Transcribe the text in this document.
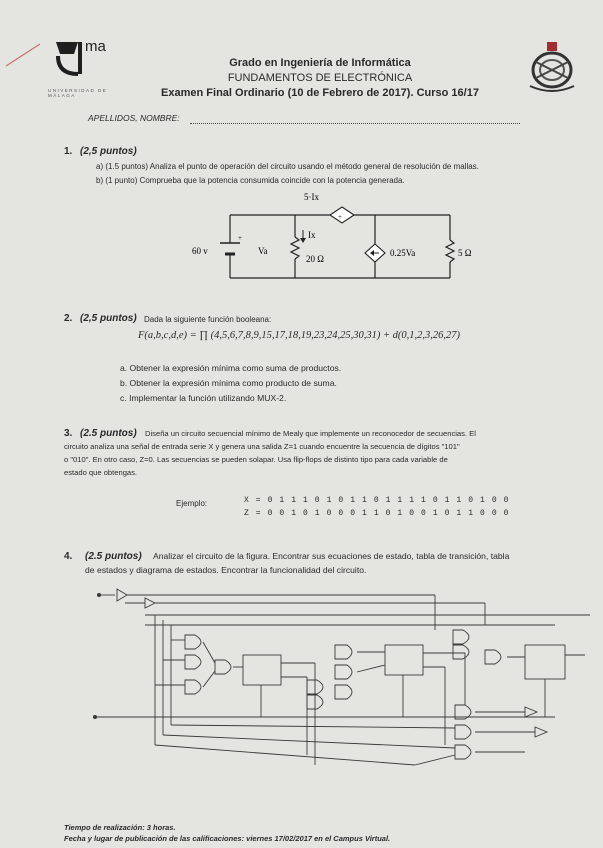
ma
UNIVERSIDAD DE MÁLAGA
Grado en Ingeniería de Informática
FUNDAMENTOS DE ELECTRÓNICA
Examen Final Ordinario (10 de Febrero de 2017). Curso 16/17
APELLIDOS, NOMBRE:
1. (2,5 puntos)
a) (1.5 puntos) Analiza el punto de operación del circuito usando el método general de resolución de mallas.
b) (1 punto) Comprueba que la potencia consumida coincide con la potencia generada.
+
5·Ix
60 v	Va
Ix
20 Ω
0.25Va	5 Ω
+
2. (2,5 puntos) Dada la siguiente función booleana:
F(a,b,c,d,e) = ∏ (4,5,6,7,8,9,15,17,18,19,23,24,25,30,31) + d(0,1,2,3,26,27)
a. Obtener la expresión mínima como suma de productos.
b. Obtener la expresión mínima como producto de suma.
c. Implementar la función utilizando MUX-2.
3. (2.5 puntos) Diseña un circuito secuencial mínimo de Mealy que implemente un reconocedor de secuencias. El
circuito analiza una señal de entrada serie X y genera una salida Z=1 cuando encuentre la secuencia de dígitos "101"
o "010". En otro caso, Z=0. Las secuencias se pueden solapar. Usa flip-flops de distinto tipo para cada variable de
estado que obtengas.
Ejemplo:	X = 0 1 1 1 0 1 0 1 1 0 1 1 1 1 0 1 1 0 1 0 0
Z = 0 0 1 0 1 0 0 0 1 1 0 1 0 0 1 0 1 1 0 0 0
4. (2.5 puntos) Analizar el circuito de la figura. Encontrar sus ecuaciones de estado, tabla de transición, tabla
de estados y diagrama de estados. Encontrar la funcionalidad del circuito.
Tiempo de realización: 3 horas.
Fecha y lugar de publicación de las calificaciones: viernes 17/02/2017 en el Campus Virtual.
